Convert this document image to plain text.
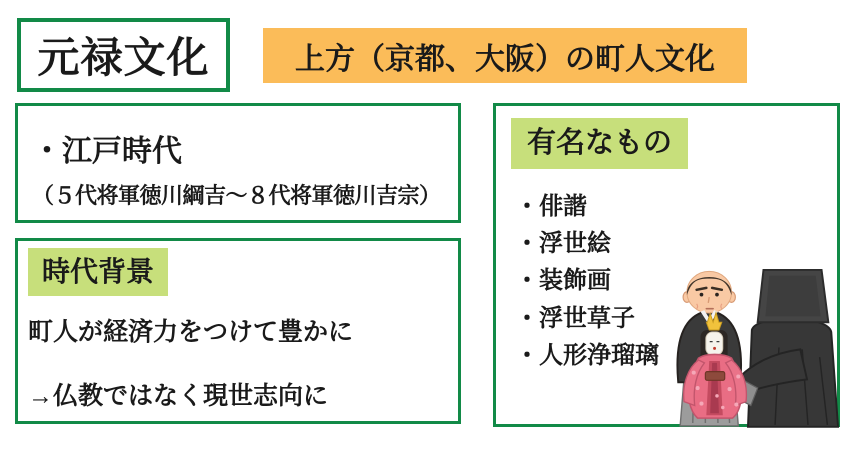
元禄文化	上方（京都、大阪）の町人文化
・江戸時代
（５代将軍徳川綱吉～８代将軍徳川吉宗）
時代背景
町人が経済力をつけて豊かに
→仏教ではなく現世志向に
有名なもの
・俳諧
・浮世絵
・装飾画
・浮世草子
・人形浄瑠璃
